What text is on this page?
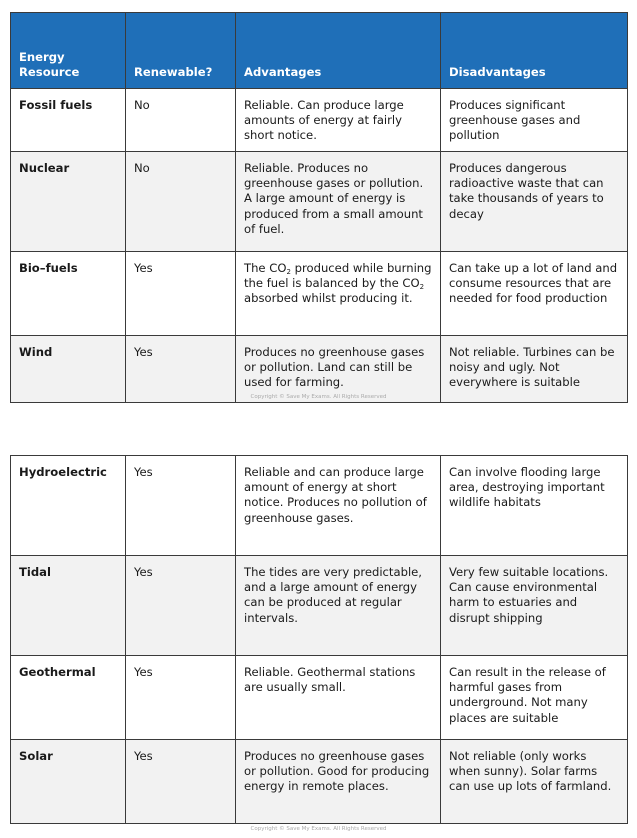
Energy Resource	Renewable?	Advantages	Disadvantages
Fossil fuels	No	Reliable. Can produce large amounts of energy at fairly short notice.	Produces significant greenhouse gases and pollution
Nuclear	No	Reliable. Produces no greenhouse gases or pollution. A large amount of energy is produced from a small amount of fuel.	Produces dangerous radioactive waste that can take thousands of years to decay
Bio–fuels	Yes	The $CO_2$ produced while burning the fuel is balanced by the $CO_2$ absorbed whilst producing it.	Can take up a lot of land and consume resources that are needed for food production
Wind	Yes	Produces no greenhouse gases or pollution. Land can still be used for farming.	Not reliable. Turbines can be noisy and ugly. Not everywhere is suitable
Copyright © Save My Exams. All Rights Reserved
Hydroelectric	Yes	Reliable and can produce large amount of energy at short notice. Produces no pollution of greenhouse gases.	Can involve flooding large area, destroying important wildlife habitats
Tidal	Yes	The tides are very predictable, and a large amount of energy can be produced at regular intervals.	Very few suitable locations. Can cause environmental harm to estuaries and disrupt shipping
Geothermal	Yes	Reliable. Geothermal stations are usually small.	Can result in the release of harmful gases from underground. Not many places are suitable
Solar	Yes	Produces no greenhouse gases or pollution. Good for producing energy in remote places.	Not reliable (only works when sunny). Solar farms can use up lots of farmland.
Copyright © Save My Exams. All Rights Reserved
